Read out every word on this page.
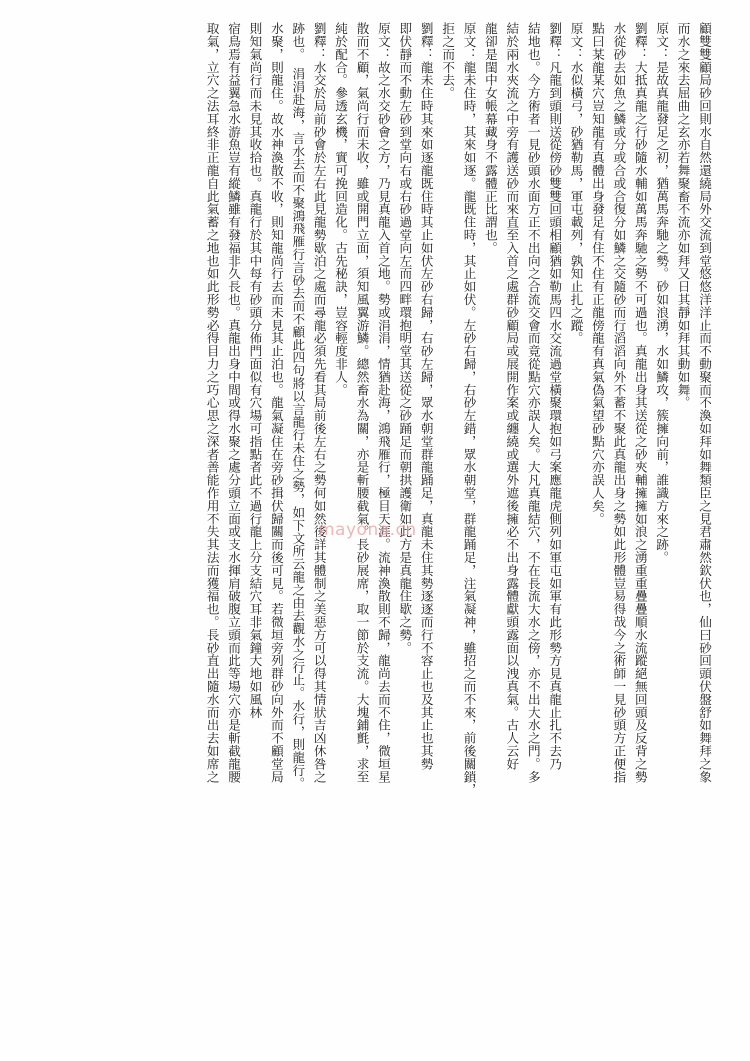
顧雙雙顧局砂回則水自然還繞局外交流到堂悠悠洋洋止而不動聚而不渙如拜如舞類臣之見君肅然欽伏也，仙曰砂回頭伏盤舒如舞拜之象

而水之來去屈曲之玄亦若舞聚畜不流亦如拜又日其靜如拜其動如舞。

原文：是故真龍發足之初，猶萬馬奔馳之勢。砂如浪湧，水如鱗攻，簇擁向前，誰識方來之跡。

劉釋：大抵真龍之行砂隨水輔如萬馬奔馳之勢不可過也。真龍出身其送從之砂夾輔擁擁如浪之湧重重疊疊順水流蹤絕無回頭及反背之勢

水從砂去如魚之鱗或分或合或合復分如鱗之交隨砂而行滔滔向外不蓄不聚此真龍出身之勢如此形體豈易得哉今之術師一見砂頭方正便指

點曰某龍某穴豈知龍有真體出身發足有住不住有正龍傍龍有真氣偽氣望砂點穴亦誤人矣。

原文：水似橫弓，砂猶勒馬，軍屯載列，孰知止扎之蹤。

劉釋：凡龍到頭則送從傍砂雙雙回頭相顧猶如勒馬四水交流過堂橫聚環抱如弓案應龍虎側列如軍屯如軍有此形勢方見真龍止扎不去乃

結地也。今方術者一見砂頭水面方正不出向之合流交會而竟從點穴亦誤人矣。大凡真龍結穴，不在長流大水之傍，亦不出大水之門。多

結於兩水夾流之中旁有護送砂而來直至入首之處群砂顧局或展開作案或纏繞或選外遮後擁必不出身露體獻頭露面以洩真氣。古人云好

龍卻是閨中女帳幕藏身不露體正比謂也。

原文：龍未住時，其來如逐。龍既住時，其止如伏。左砂右歸，右砂左錯，眾水朝堂，群龍踊足，注氣凝神，雖招之而不來，前後關鎖，

拒之而不去。

劉釋：龍未住時其來如逐龍既住時其止如伏左砂右歸，右砂左歸，眾水朝堂群龍踊足，真龍未住其勢逐逐而行不容止也及其止也其勢

即伏靜而不動左砂到堂向右或右砂過堂向左而四畔環抱明堂其送從之砂踊足而朝拱護衛如此方是真龍住歇之勢。

原文：故之水交砂會之方，乃見真龍入首之地。勢或涓涓，情猶赴海，鴻飛雁行，極目天涯。流神渙散則不歸，龍尚去而不住，微垣星

散而不顧，氣尚行而未收，雖或開門立面，須知風翼游鱗。總然畜水為關，亦是斬腰截氣。長砂展席，取一節於支流。大塊鋪氈，求至

純於配合。參透玄機，實可挽回造化。古先秘訣，豈容輕度非人。

劉釋：水交於局前砂會於左右此見龍勢歇泊之處而尋龍必須先看其局前後左右之勢何如然後詳其體制之美惡方可以得其情狀吉凶休咎之

跡也。　涓涓赴海，言水去而不聚鴻飛雁行言砂去而不顧此四句將以言龍行未住之勢，如下文所云龍之由去觀水之行止。水行，則龍行。

水聚，則龍住。故水神渙散不收，則知龍尚行去而未見其止泊也。龍氣凝住在旁砂揖伏歸關而後可見。若微垣旁列群砂向外而不顧堂局

則知氣尚行而未見其收拾也。真龍行於其中每有砂頭分佈門面似有穴場可指點者此不過行龍上分支結穴耳非氣鐘大地如風林

宿鳥焉有益翼急水游魚豈有縱鱗雖有發福非久長也。真龍出身中間或得水聚之處分頭立面或支水揮肩破腹立頭而此等場穴亦是斬截龍腰

取氣，立穴之法耳終非正龍自此氣蓄之地也如此形勢必得目力之巧心思之深者善能作用不失其法而獲福也。長砂直出隨水而出去如席之	mayona.cn
